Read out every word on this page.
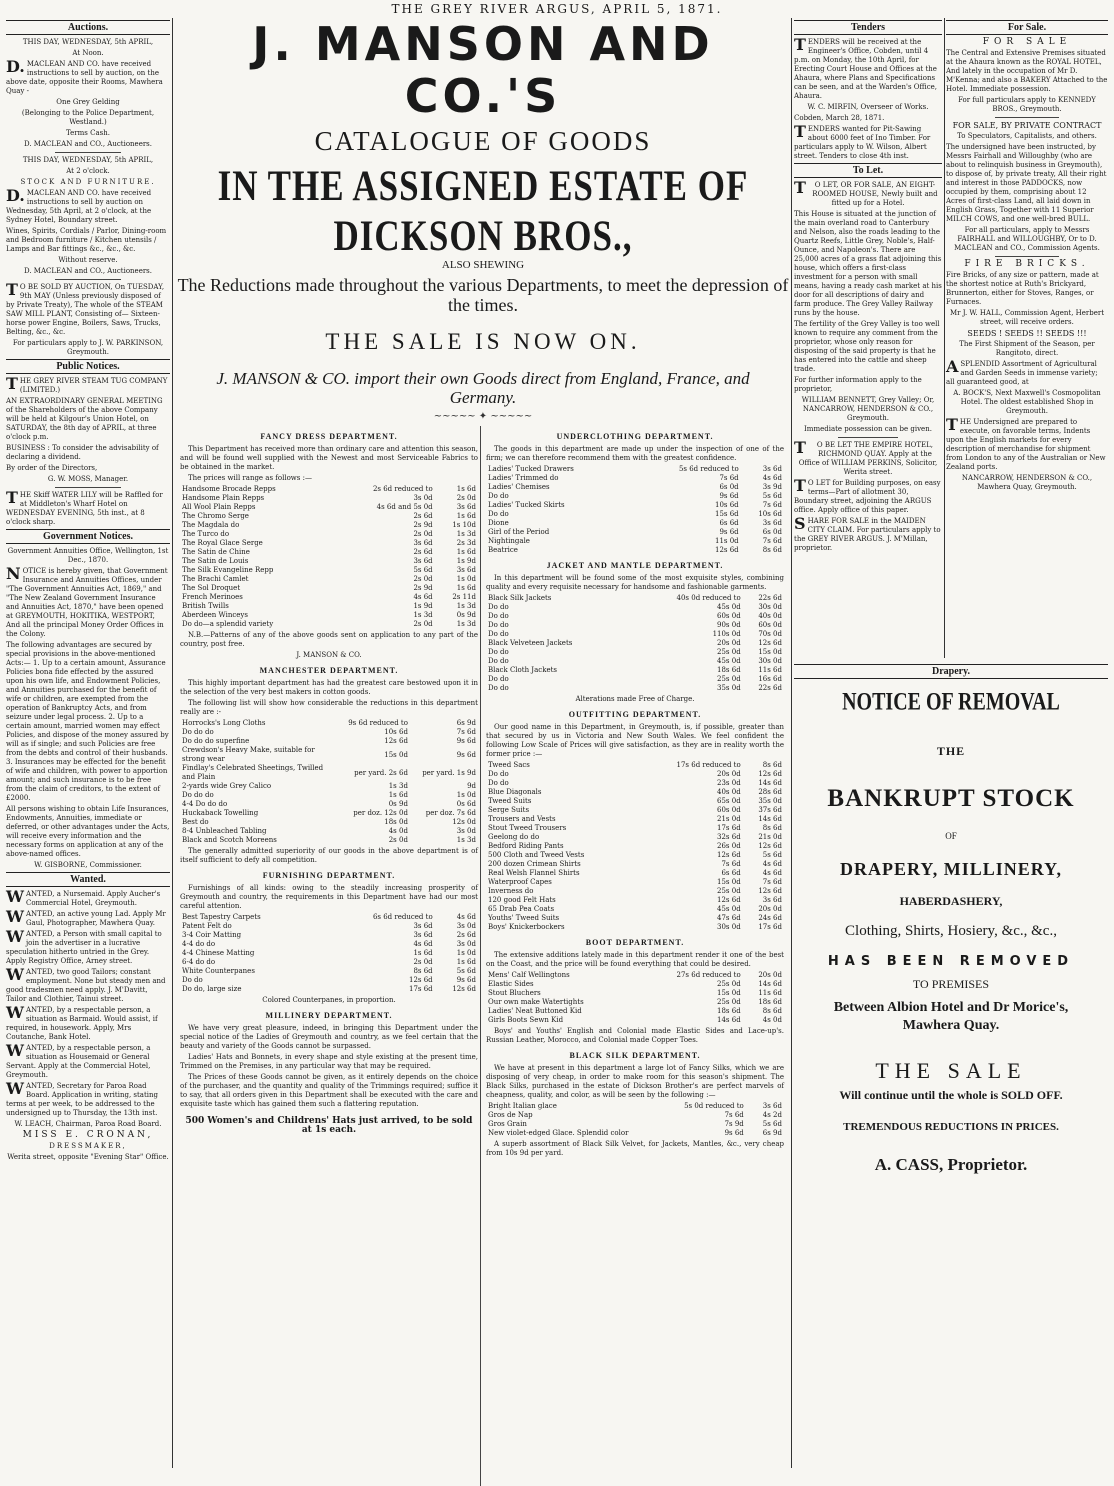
THE GREY RIVER ARGUS, APRIL 5, 1871.
Auctions.
THIS DAY, WEDNESDAY, 5th APRIL,
At Noon.
D.MACLEAN AND CO. have received instructions to sell by auction, on the above date, opposite their Rooms, Mawhera Quay -
One Grey Gelding
(Belonging to the Police Department, Westland.)
Terms Cash.
D. MACLEAN and CO., Auctioneers.
THIS DAY, WEDNESDAY, 5th APRIL,
At 2 o'clock.
STOCK AND FURNITURE.
D.MACLEAN AND CO. have received instructions to sell by auction on Wednesday, 5th April, at 2 o'clock, at the Sydney Hotel, Boundary street.
Wines, Spirits, Cordials / Parlor, Dining-room and Bedroom furniture / Kitchen utensils / Lamps and Bar fittings &c., &c., &c.
Without reserve.
D. MACLEAN and CO., Auctioneers.
TO BE SOLD BY AUCTION, On TUESDAY, 9th MAY (Unless previously disposed of by Private Treaty), The whole of the STEAM SAW MILL PLANT, Consisting of— Sixteen-horse power Engine, Boilers, Saws, Trucks, Belting, &c., &c.
For particulars apply to J. W. PARKINSON, Greymouth.
Public Notices.
THE GREY RIVER STEAM TUG COMPANY (LIMITED.)
AN EXTRAORDINARY GENERAL MEETING of the Shareholders of the above Company will be held at Kilgour's Union Hotel, on SATURDAY, the 8th day of APRIL, at three o'clock p.m.
BUSINESS : To consider the advisability of declaring a dividend.
By order of the Directors,
G. W. MOSS, Manager.
THE Skiff WATER LILY will be Raffled for at Middleton's Wharf Hotel on WEDNESDAY EVENING, 5th inst., at 8 o'clock sharp.
Government Notices.
Government Annuities Office, Wellington, 1st Dec., 1870.
NOTICE is hereby given, that Government Insurance and Annuities Offices, under "The Government Annuities Act, 1869," and "The New Zealand Government Insurance and Annuities Act, 1870," have been opened at GREYMOUTH, HOKITIKA, WESTPORT, And all the principal Money Order Offices in the Colony.
The following advantages are secured by special provisions in the above-mentioned Acts:— 1. Up to a certain amount, Assurance Policies bona fide effected by the assured upon his own life, and Endowment Policies, and Annuities purchased for the benefit of wife or children, are exempted from the operation of Bankruptcy Acts, and from seizure under legal process. 2. Up to a certain amount, married women may effect Policies, and dispose of the money assured by will as if single; and such Policies are free from the debts and control of their husbands. 3. Insurances may be effected for the benefit of wife and children, with power to apportion amount; and such insurance is to be free from the claim of creditors, to the extent of £2000.
All persons wishing to obtain Life Insurances, Endowments, Annuities, immediate or deferred, or other advantages under the Acts, will receive every information and the necessary forms on application at any of the above-named offices.
W. GISBORNE, Commissioner.
Wanted.
WANTED, a Nursemaid. Apply Aucher's Commercial Hotel, Greymouth.
WANTED, an active young Lad. Apply Mr Gaul, Photographer, Mawhera Quay.
WANTED, a Person with small capital to join the advertiser in a lucrative speculation hitherto untried in the Grey. Apply Registry Office, Arney street.
WANTED, two good Tailors; constant employment. None but steady men and good tradesmen need apply. J. M'Davitt, Tailor and Clothier, Tainui street.
WANTED, by a respectable person, a situation as Barmaid. Would assist, if required, in housework. Apply, Mrs Coutanche, Bank Hotel.
WANTED, by a respectable person, a situation as Housemaid or General Servant. Apply at the Commercial Hotel, Greymouth.
WANTED, Secretary for Paroa Road Board. Application in writing, stating terms at per week, to be addressed to the undersigned up to Thursday, the 13th inst.
W. LEACH, Chairman, Paroa Road Board.
MISS E. CRONAN,
DRESSMAKER,
Werita street, opposite "Evening Star" Office.
J. MANSON AND CO.'S
CATALOGUE OF GOODS
IN THE ASSIGNED ESTATE OF DICKSON BROS.,
ALSO SHEWING
The Reductions made throughout the various Departments, to meet the depression of the times.
THE SALE IS NOW ON.
J. MANSON & CO. import their own Goods direct from England, France, and Germany.
~~~~~ ✦ ~~~~~
FANCY DRESS DEPARTMENT.
This Department has received more than ordinary care and attention this season, and will be found well supplied with the Newest and most Serviceable Fabrics to be obtained in the market.
The prices will range as follows :—
Handsome Brocade Repps	2s 6d reduced to	1s 6d
Handsome Plain Repps	3s 0d	2s 0d
All Wool Plain Repps	4s 6d and 5s 0d	3s 6d
The Chromo Serge	2s 6d	1s 6d
The Magdala do	2s 9d	1s 10d
The Turco do	2s 0d	1s 3d
The Royal Glace Serge	3s 6d	2s 3d
The Satin de Chine	2s 6d	1s 6d
The Satin de Louis	3s 6d	1s 9d
The Silk Evangeline Repp	5s 6d	3s 6d
The Brachi Camlet	2s 0d	1s 0d
The Sol Droquet	2s 9d	1s 6d
French Merinoes	4s 6d	2s 11d
British Twills	1s 9d	1s 3d
Aberdeen Winceys	1s 3d	0s 9d
Do do—a splendid variety	2s 0d	1s 3d
N.B.—Patterns of any of the above goods sent on application to any part of the country, post free.
J. MANSON & CO.
MANCHESTER DEPARTMENT.
This highly important department has had the greatest care bestowed upon it in the selection of the very best makers in cotton goods.
The following list will show how considerable the reductions in this department really are :-
Horrocks's Long Cloths	9s 6d reduced to	6s 9d
Do do do	10s 6d	7s 6d
Do do do superfine	12s 6d	9s 6d
Crewdson's Heavy Make, suitable for strong wear	15s 0d	9s 6d
Findlay's Celebrated Sheetings, Twilled and Plain	per yard. 2s 6d	per yard. 1s 9d
2-yards wide Grey Calico	1s 3d	9d
Do do do	1s 6d	1s 0d
4-4 Do do do	0s 9d	0s 6d
Huckaback Towelling	per doz. 12s 0d	per doz. 7s 6d
Best do	18s 0d	12s 0d
8-4 Unbleached Tabling	4s 0d	3s 0d
Black and Scotch Moreens	2s 0d	1s 3d
The generally admitted superiority of our goods in the above department is of itself sufficient to defy all competition.
FURNISHING DEPARTMENT.
Furnishings of all kinds: owing to the steadily increasing prosperity of Greymouth and country, the requirements in this Department have had our most careful attention.
Best Tapestry Carpets	6s 6d reduced to	4s 6d
Patent Felt do	3s 6d	3s 0d
3-4 Coir Matting	3s 6d	2s 6d
4-4 do do	4s 6d	3s 0d
4-4 Chinese Matting	1s 6d	1s 0d
6-4 do do	2s 0d	1s 6d
White Counterpanes	8s 6d	5s 6d
Do do	12s 6d	9s 6d
Do do, large size	17s 6d	12s 6d
Colored Counterpanes, in proportion.
MILLINERY DEPARTMENT.
We have very great pleasure, indeed, in bringing this Department under the special notice of the Ladies of Greymouth and country, as we feel certain that the beauty and variety of the Goods cannot be surpassed.
Ladies' Hats and Bonnets, in every shape and style existing at the present time, Trimmed on the Premises, in any particular way that may be required.
The Prices of these Goods cannot be given, as it entirely depends on the choice of the purchaser, and the quantity and quality of the Trimmings required; suffice it to say, that all orders given in this Department shall be executed with the care and exquisite taste which has gained them such a flattering reputation.
500 Women's and Childrens' Hats just arrived, to be sold at 1s each.
UNDERCLOTHING DEPARTMENT.
The goods in this department are made up under the inspection of one of the firm; we can therefore recommend them with the greatest confidence.
Ladies' Tucked Drawers	5s 6d reduced to	3s 6d
Ladies' Trimmed do	7s 6d	4s 6d
Ladies' Chemises	6s 0d	3s 9d
Do do	9s 6d	5s 6d
Ladies' Tucked Skirts	10s 6d	7s 6d
Do do	15s 6d	10s 6d
Dione	6s 6d	3s 6d
Girl of the Period	9s 6d	6s 0d
Nightingale	11s 0d	7s 6d
Beatrice	12s 6d	8s 6d
JACKET AND MANTLE DEPARTMENT.
In this department will be found some of the most exquisite styles, combining quality and every requisite necessary for handsome and fashionable garments.
Black Silk Jackets	40s 0d reduced to	22s 6d
Do do	45s 0d	30s 0d
Do do	60s 0d	40s 0d
Do do	90s 0d	60s 0d
Do do	110s 0d	70s 0d
Black Velveteen Jackets	20s 0d	12s 6d
Do do	25s 0d	15s 0d
Do do	45s 0d	30s 0d
Black Cloth Jackets	18s 6d	11s 6d
Do do	25s 0d	16s 6d
Do do	35s 0d	22s 6d
Alterations made Free of Charge.
OUTFITTING DEPARTMENT.
Our good name in this Department, in Greymouth, is, if possible, greater than that secured by us in Victoria and New South Wales. We feel confident the following Low Scale of Prices will give satisfaction, as they are in reality worth the former price :—
Tweed Sacs	17s 6d reduced to	8s 6d
Do do	20s 0d	12s 6d
Do do	23s 0d	14s 6d
Blue Diagonals	40s 0d	28s 6d
Tweed Suits	65s 0d	35s 0d
Serge Suits	60s 0d	37s 6d
Trousers and Vests	21s 0d	14s 6d
Stout Tweed Trousers	17s 6d	8s 6d
Geelong do do	32s 6d	21s 0d
Bedford Riding Pants	26s 0d	12s 6d
500 Cloth and Tweed Vests	12s 6d	5s 6d
200 dozen Crimean Shirts	7s 6d	4s 6d
Real Welsh Flannel Shirts	6s 6d	4s 6d
Waterproof Capes	15s 0d	7s 6d
Inverness do	25s 0d	12s 6d
120 good Felt Hats	12s 6d	3s 6d
65 Drab Pea Coats	45s 0d	20s 0d
Youths' Tweed Suits	47s 6d	24s 6d
Boys' Knickerbockers	30s 0d	17s 6d
BOOT DEPARTMENT.
The extensive additions lately made in this department render it one of the best on the Coast, and the price will be found everything that could be desired.
Mens' Calf Wellingtons	27s 6d reduced to	20s 0d
Elastic Sides	25s 0d	14s 6d
Stout Bluchers	15s 0d	11s 6d
Our own make Watertights	25s 0d	18s 6d
Ladies' Neat Buttoned Kid	18s 6d	8s 6d
Girls Boots Sewn Kid	14s 6d	4s 0d
Boys' and Youths' English and Colonial made Elastic Sides and Lace-up's. Russian Leather, Morocco, and Colonial made Copper Toes.
BLACK SILK DEPARTMENT.
We have at present in this department a large lot of Fancy Silks, which we are disposing of very cheap, in order to make room for this season's shipment. The Black Silks, purchased in the estate of Dickson Brother's are perfect marvels of cheapness, quality, and color, as will be seen by the following :—
Bright Italian glace	5s 0d reduced to	3s 6d
Gros de Nap	7s 6d	4s 2d
Gros Grain	7s 9d	5s 6d
New violet-edged Glace. Splendid color	9s 6d	6s 9d
A superb assortment of Black Silk Velvet, for Jackets, Mantles, &c., very cheap from 10s 9d per yard.
Tenders
TENDERS will be received at the Engineer's Office, Cobden, until 4 p.m. on Monday, the 10th April, for Erecting Court House and Offices at the Ahaura, where Plans and Specifications can be seen, and at the Warden's Office, Ahaura.
W. C. MIRFIN, Overseer of Works.
Cobden, March 28, 1871.
TENDERS wanted for Pit-Sawing about 6000 feet of Ino Timber. For particulars apply to W. Wilson, Albert street. Tenders to close 4th inst.
To Let.
TO LET, OR FOR SALE, AN EIGHT-ROOMED HOUSE, Newly built and fitted up for a Hotel.
This House is situated at the junction of the main overland road to Canterbury and Nelson, also the roads leading to the Quartz Reefs, Little Grey, Noble's, Half-Ounce, and Napoleon's. There are 25,000 acres of a grass flat adjoining this house, which offers a first-class investment for a person with small means, having a ready cash market at his door for all descriptions of dairy and farm produce. The Grey Valley Railway runs by the house.
The fertility of the Grey Valley is too well known to require any comment from the proprietor, whose only reason for disposing of the said property is that he has entered into the cattle and sheep trade.
For further information apply to the proprietor,
WILLIAM BENNETT, Grey Valley; Or, NANCARROW, HENDERSON & CO., Greymouth.
Immediate possession can be given.
TO BE LET THE EMPIRE HOTEL, RICHMOND QUAY. Apply at the Office of WILLIAM PERKINS, Solicitor, Werita street.
TO LET for Building purposes, on easy terms—Part of allotment 30, Boundary street, adjoining the ARGUS office. Apply office of this paper.
SHARE FOR SALE in the MAIDEN CITY CLAIM. For particulars apply to the GREY RIVER ARGUS. J. M'Millan, proprietor.
For Sale.
FOR SALE
The Central and Extensive Premises situated at the Ahaura known as the ROYAL HOTEL, And lately in the occupation of Mr D. M'Kenna; and also a BAKERY Attached to the Hotel. Immediate possession.
For full particulars apply to KENNEDY BROS., Greymouth.
FOR SALE, BY PRIVATE CONTRACT
To Speculators, Capitalists, and others.
The undersigned have been instructed, by Messrs Fairhall and Willoughby (who are about to relinquish business in Greymouth), to dispose of, by private treaty, All their right and interest in those PADDOCKS, now occupied by them, comprising about 12 Acres of first-class Land, all laid down in English Grass, Together with 11 Superior MILCH COWS, and one well-bred BULL.
For all particulars, apply to Messrs FAIRHALL and WILLOUGHBY, Or to D. MACLEAN and CO., Commission Agents.
FIRE BRICKS.
Fire Bricks, of any size or pattern, made at the shortest notice at Ruth's Brickyard, Brunnerton, either for Stoves, Ranges, or Furnaces.
Mr J. W. HALL, Commission Agent, Herbert street, will receive orders.
SEEDS ! SEEDS !! SEEDS !!!
The First Shipment of the Season, per Rangitoto, direct.
ASPLENDID Assortment of Agricultural and Garden Seeds in immense variety; all guaranteed good, at
A. BOCK'S, Next Maxwell's Cosmopolitan Hotel. The oldest established Shop in Greymouth.
THE Undersigned are prepared to execute, on favorable terms, Indents upon the English markets for every description of merchandise for shipment from London to any of the Australian or New Zealand ports.
NANCARROW, HENDERSON & CO., Mawhera Quay, Greymouth.
Drapery.
NOTICE OF REMOVAL
THE
BANKRUPT STOCK
OF
DRAPERY, MILLINERY,
HABERDASHERY,
Clothing, Shirts, Hosiery, &c., &c.,
HAS BEEN REMOVED
TO PREMISES
Between Albion Hotel and Dr Morice's,
Mawhera Quay.
THE SALE
Will continue until the whole is SOLD OFF.
TREMENDOUS REDUCTIONS IN PRICES.
A. CASS, Proprietor.
